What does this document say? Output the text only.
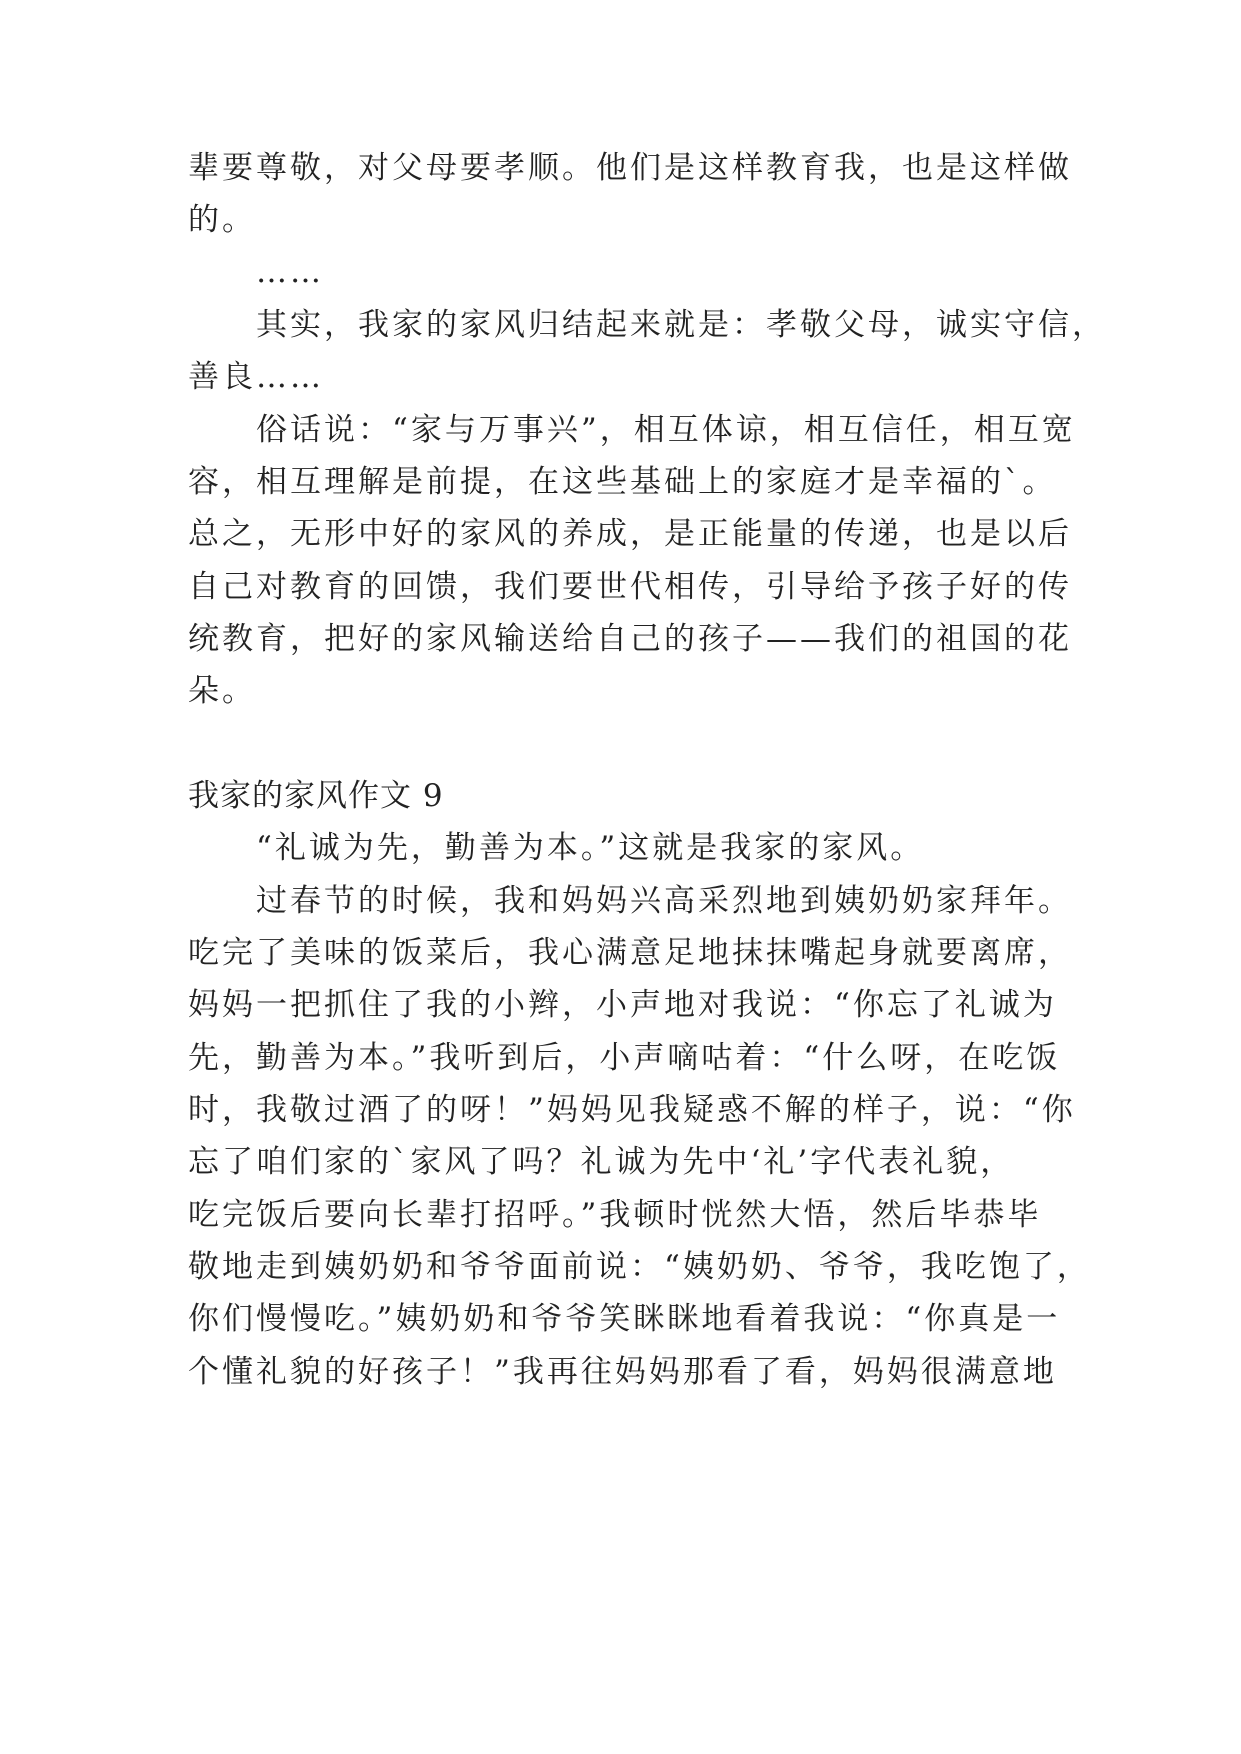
辈要尊敬，对父母要孝顺。他们是这样教育我，也是这样做
的。
……
其实，我家的家风归结起来就是：孝敬父母，诚实守信，
善良……
俗话说：“家与万事兴”，相互体谅，相互信任，相互宽
容，相互理解是前提，在这些基础上的家庭才是幸福的`。
总之，无形中好的家风的养成，是正能量的传递，也是以后
自己对教育的回馈，我们要世代相传，引导给予孩子好的传
统教育，把好的家风输送给自己的孩子——我们的祖国的花
朵。
我家的家风作文 9
“礼诚为先，勤善为本。”这就是我家的家风。
过春节的时候，我和妈妈兴高采烈地到姨奶奶家拜年。
吃完了美味的饭菜后，我心满意足地抹抹嘴起身就要离席，
妈妈一把抓住了我的小辫，小声地对我说：“你忘了礼诚为
先，勤善为本。”我听到后，小声嘀咕着：“什么呀，在吃饭
时，我敬过酒了的呀！”妈妈见我疑惑不解的样子，说：“你
忘了咱们家的`家风了吗？礼诚为先中‘礼’字代表礼貌，
吃完饭后要向长辈打招呼。”我顿时恍然大悟，然后毕恭毕
敬地走到姨奶奶和爷爷面前说：“姨奶奶、爷爷，我吃饱了，
你们慢慢吃。”姨奶奶和爷爷笑眯眯地看着我说：“你真是一
个懂礼貌的好孩子！”我再往妈妈那看了看，妈妈很满意地
